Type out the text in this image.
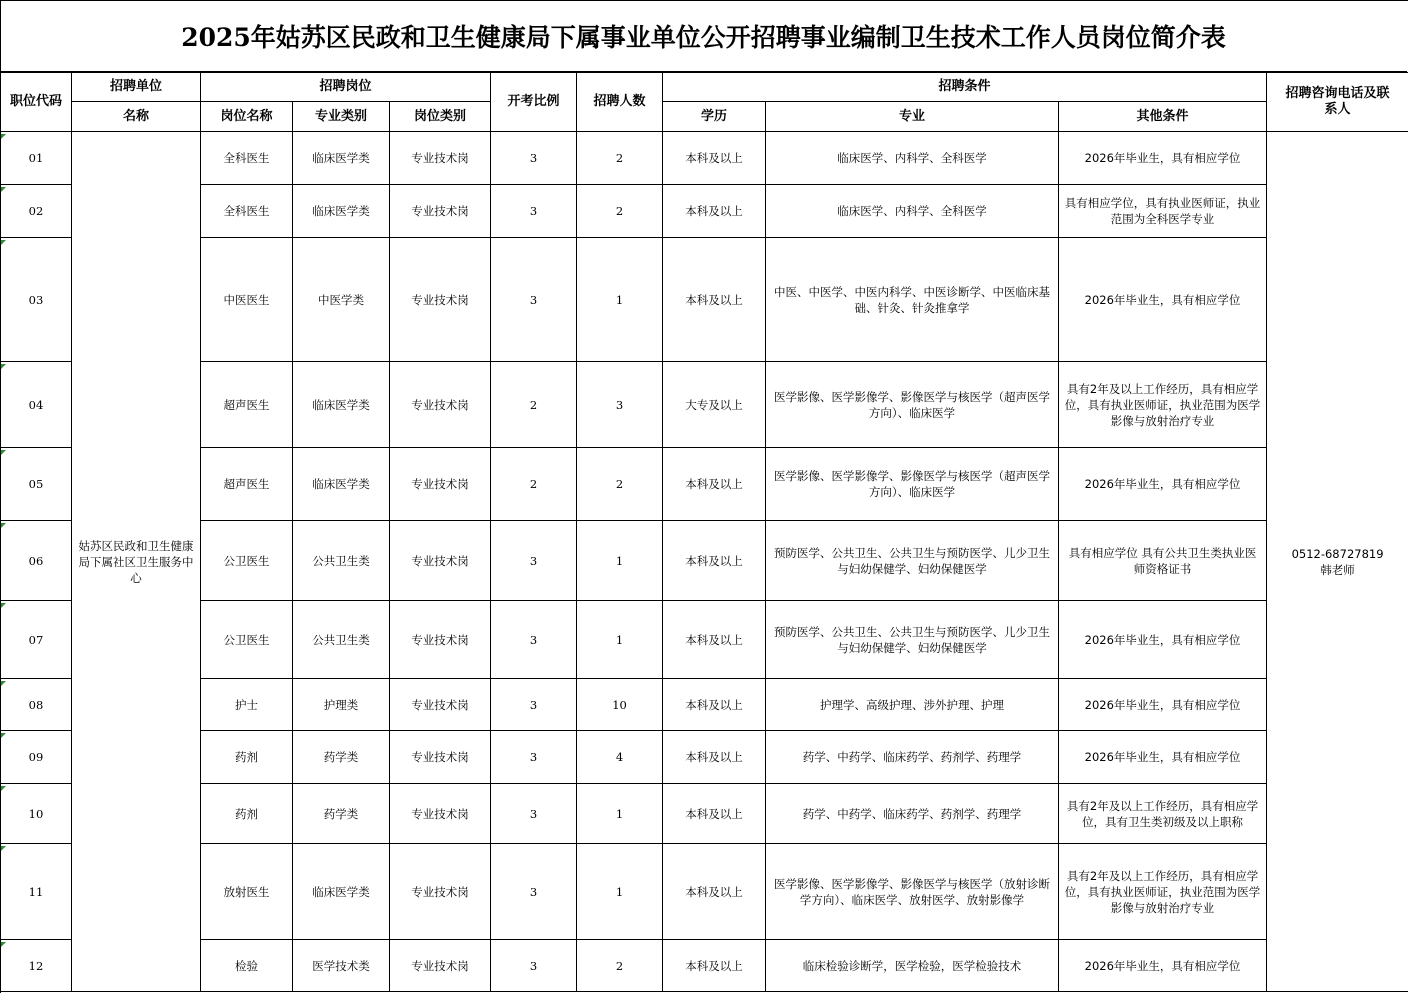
2025年姑苏区民政和卫生健康局下属事业单位公开招聘事业编制卫生技术工作人员岗位简介表
职位代码	招聘单位	招聘岗位			开考比例	招聘人数	招聘条件			招聘咨询电话及联系人
	名称	岗位名称	专业类别	岗位类别			学历	专业	其他条件	
01	姑苏区民政和卫生健康局下属社区卫生服务中心	全科医生	临床医学类	专业技术岗	3	2	本科及以上	临床医学、内科学、全科医学	2026年毕业生，具有相应学位	0512-68727819
韩老师

02		全科医生	临床医学类	专业技术岗	3	2	本科及以上	临床医学、内科学、全科医学	具有相应学位，具有执业医师证，执业范围为全科医学专业	
03		中医医生	中医学类	专业技术岗	3	1	本科及以上	中医、中医学、中医内科学、中医诊断学、中医临床基础、针灸、针灸推拿学	2026年毕业生，具有相应学位	
04		超声医生	临床医学类	专业技术岗	2	3	大专及以上	医学影像、医学影像学、影像医学与核医学（超声医学方向）、临床医学	具有2年及以上工作经历，具有相应学位，具有执业医师证，执业范围为医学影像与放射治疗专业	
05		超声医生	临床医学类	专业技术岗	2	2	本科及以上	医学影像、医学影像学、影像医学与核医学（超声医学方向）、临床医学	2026年毕业生，具有相应学位	
06		公卫医生	公共卫生类	专业技术岗	3	1	本科及以上	预防医学、公共卫生、公共卫生与预防医学、儿少卫生与妇幼保健学、妇幼保健医学	具有相应学位 具有公共卫生类执业医师资格证书	
07		公卫医生	公共卫生类	专业技术岗	3	1	本科及以上	预防医学、公共卫生、公共卫生与预防医学、儿少卫生与妇幼保健学、妇幼保健医学	2026年毕业生，具有相应学位	
08		护士	护理类	专业技术岗	3	10	本科及以上	护理学、高级护理、涉外护理、护理	2026年毕业生，具有相应学位	
09		药剂	药学类	专业技术岗	3	4	本科及以上	药学、中药学、临床药学、药剂学、药理学	2026年毕业生，具有相应学位	
10		药剂	药学类	专业技术岗	3	1	本科及以上	药学、中药学、临床药学、药剂学、药理学	具有2年及以上工作经历，具有相应学位，具有卫生类初级及以上职称	
11		放射医生	临床医学类	专业技术岗	3	1	本科及以上	医学影像、医学影像学、影像医学与核医学（放射诊断学方向）、临床医学、放射医学、放射影像学	具有2年及以上工作经历，具有相应学位，具有执业医师证，执业范围为医学影像与放射治疗专业	
12		检验	医学技术类	专业技术岗	3	2	本科及以上	临床检验诊断学，医学检验，医学检验技术	2026年毕业生，具有相应学位	
